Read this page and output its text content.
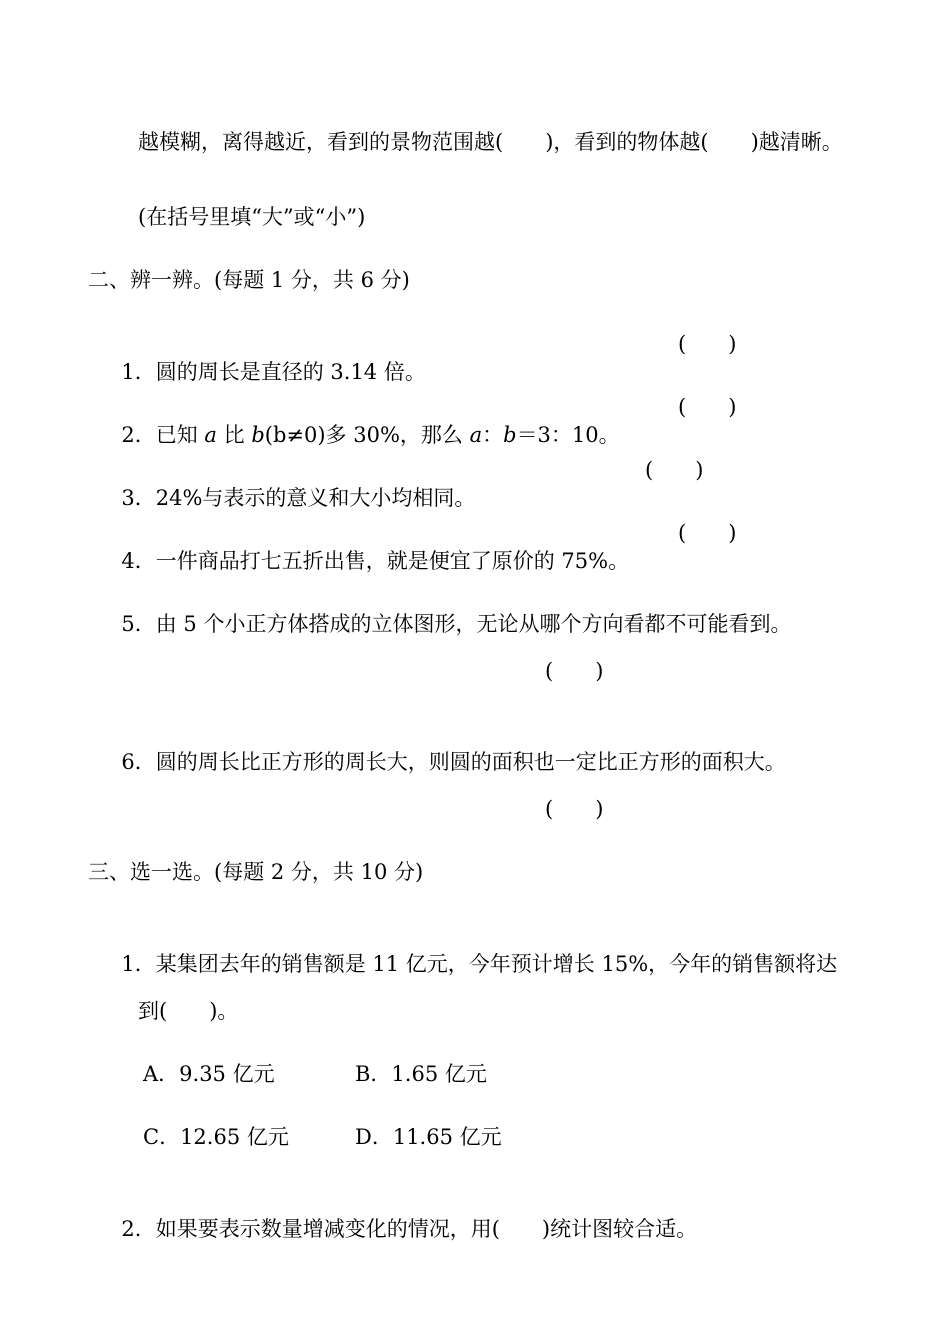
越模糊，离得越近，看到的景物范围越(　　)，看到的物体越(　　)越清晰。
(在括号里填“大”或“小”)
二、辨一辨。(每题 1 分，共 6 分)

1．圆的周长是直径的 3.14 倍。

(　　)

2．已知 a 比 b(b≠0)多 30%，那么 a：b＝3：10。

(　　)

3．24%与表示的意义和大小均相同。

(　　)

4．一件商品打七五折出售，就是便宜了原价的 75%。

(　　)

5．由 5 个小正方体搭成的立体图形，无论从哪个方向看都不可能看到。

(　　)

6．圆的周长比正方形的周长大，则圆的面积也一定比正方形的面积大。

(　　)
三、选一选。(每题 2 分，共 10 分)

1．某集团去年的销售额是 11 亿元，今年预计增长 15%，今年的销售额将达

到(　　)。
A．9.35 亿元	B．1.65 亿元
C．12.65 亿元	D．11.65 亿元

2．如果要表示数量增减变化的情况，用(　　)统计图较合适。
